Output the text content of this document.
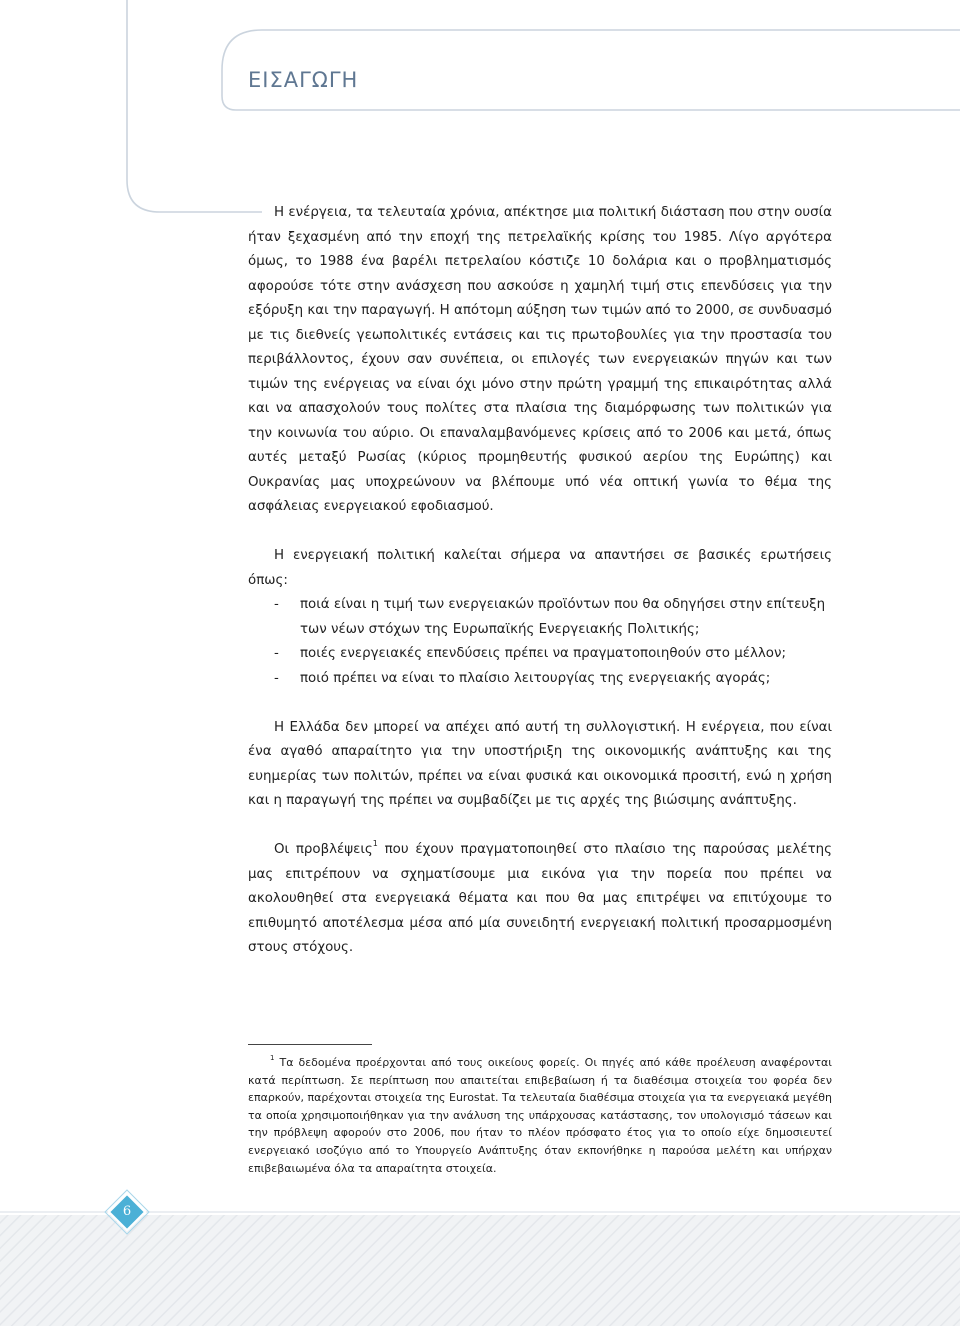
ΕΙΣΑΓΩΓΗ

Η ενέργεια, τα τελευταία χρόνια, απέκτησε μια πολιτική διάσταση που στην ουσία ήταν ξεχασμένη από την εποχή της πετρελαϊκής κρίσης του 1985. Λίγο αργότερα όμως, το 1988 ένα βαρέλι πετρελαίου κόστιζε 10 δολάρια και ο προβληματισμός αφορούσε τότε στην ανάσχεση που ασκούσε η χαμηλή τιμή στις επενδύσεις για την εξόρυξη και την παραγωγή. Η απότομη αύξηση των τιμών από το 2000, σε συνδυασμό με τις διεθνείς γεωπολιτικές εντάσεις και τις πρωτοβουλίες για την προστασία του περιβάλλοντος, έχουν σαν συνέπεια, οι επιλογές των ενεργειακών πηγών και των τιμών της ενέργειας να είναι όχι μόνο στην πρώτη γραμμή της επικαιρότητας αλλά και να απασχολούν τους πολίτες στα πλαίσια της διαμόρφωσης των πολιτικών για την κοινωνία του αύριο. Οι επαναλαμβανόμενες κρίσεις από το 2006 και μετά, όπως αυτές μεταξύ Ρωσίας (κύριος προμηθευτής φυσικού αερίου της Ευρώπης) και Ουκρανίας μας υποχρεώνουν να βλέπουμε υπό νέα οπτική γωνία το θέμα της ασφάλειας ενεργειακού εφοδιασμού.

Η ενεργειακή πολιτική καλείται σήμερα να απαντήσει σε βασικές ερωτήσεις όπως:

- ποιά είναι η τιμή των ενεργειακών προϊόντων που θα οδηγήσει στην επίτευξη των νέων στόχων της Ευρωπαϊκής Ενεργειακής Πολιτικής;
- ποιές ενεργειακές επενδύσεις πρέπει να πραγματοποιηθούν στο μέλλον;
- ποιό πρέπει να είναι το πλαίσιο λειτουργίας της ενεργειακής αγοράς;

Η Ελλάδα δεν μπορεί να απέχει από αυτή τη συλλογιστική. Η ενέργεια, που είναι ένα αγαθό απαραίτητο για την υποστήριξη της οικονομικής ανάπτυξης και της ευημερίας των πολιτών, πρέπει να είναι φυσικά και οικονομικά προσιτή, ενώ η χρήση και η παραγωγή της πρέπει να συμβαδίζει με τις αρχές της βιώσιμης ανάπτυξης.

Οι προβλέψεις$^1$ που έχουν πραγματοποιηθεί στο πλαίσιο της παρούσας μελέτης μας επιτρέπουν να σχηματίσουμε μια εικόνα για την πορεία που πρέπει να ακολουθηθεί στα ενεργειακά θέματα και που θα μας επιτρέψει να επιτύχουμε το επιθυμητό αποτέλεσμα μέσα από μία συνειδητή ενεργειακή πολιτική προσαρμοσμένη στους στόχους.

$^1$ Τα δεδομένα προέρχονται από τους οικείους φορείς. Οι πηγές από κάθε προέλευση αναφέρονται κατά περίπτωση. Σε περίπτωση που απαιτείται επιβεβαίωση ή τα διαθέσιμα στοιχεία του φορέα δεν επαρκούν, παρέχονται στοιχεία της Eurostat. Τα τελευταία διαθέσιμα στοιχεία για τα ενεργειακά μεγέθη τα οποία χρησιμοποιήθηκαν για την ανάλυση της υπάρχουσας κατάστασης, τον υπολογισμό τάσεων και την πρόβλεψη αφορούν στο 2006, που ήταν το πλέον πρόσφατο έτος για το οποίο είχε δημοσιευτεί ενεργειακό ισοζύγιο από το Υπουργείο Ανάπτυξης όταν εκπονήθηκε η παρούσα μελέτη και υπήρχαν επιβεβαιωμένα όλα τα απαραίτητα στοιχεία.

6
